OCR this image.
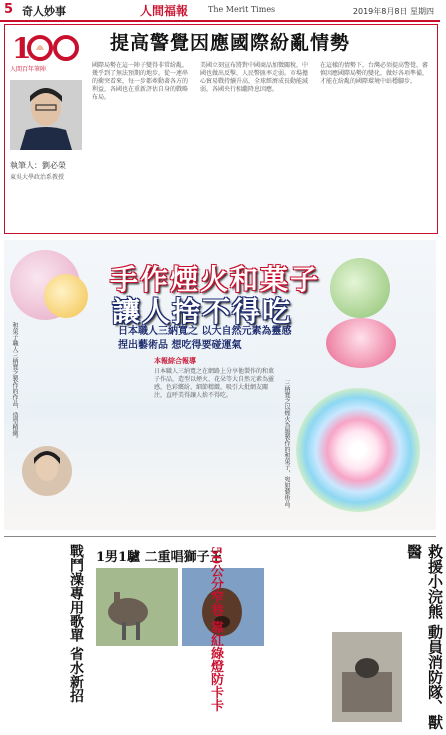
5 奇人妙事	人間福報 The Merit Times	2019年8月8日 星期四
1
人間百年筆陣
提高警覺因應國際紛亂情勢
執筆人：劉必榮
東吳大學政治系教授
國際局勢在這一陣子變得非常紛亂，幾乎到了無法預期的地步。從一連串的衝突看來，每一步都牽動著各方的利益，各國也在重新評估自身的戰略布局。
美國立刻宣布將對中國商品加徵關稅，中國也做出反擊，人民幣匯率走弱。市場擔心貿易戰持續升高，全球經濟成長動能減弱，各國央行相繼降息因應。
在這樣的情勢下，台灣必須提高警覺，審慎因應國際局勢的變化，做好各項準備，才能在紛亂的國際環境中站穩腳步。
手作煙火和菓子
讓人捨不得吃
日本職人三納寬之 以大自然元素為靈感
捏出藝術品 想吃得要碰運氣
和菓子職人三納寬之製作的作品，造型精緻。	三納寬之以煙火為題製作的和菓子，宛如藝術品。
本報綜合報導
日本職人三納寬之在網路上分享他製作的和菓子作品，造型以煙火、花朵等大自然元素為靈感，色彩繽紛、細節精緻，吸引大批網友關注，直呼美得讓人捨不得吃。
戰鬥澡專用歌單 省水新招 1男1驢 二重唱獅子王
50公分窄巷 靠紅綠燈防卡卡	救援小浣熊 動員消防隊、獸醫
